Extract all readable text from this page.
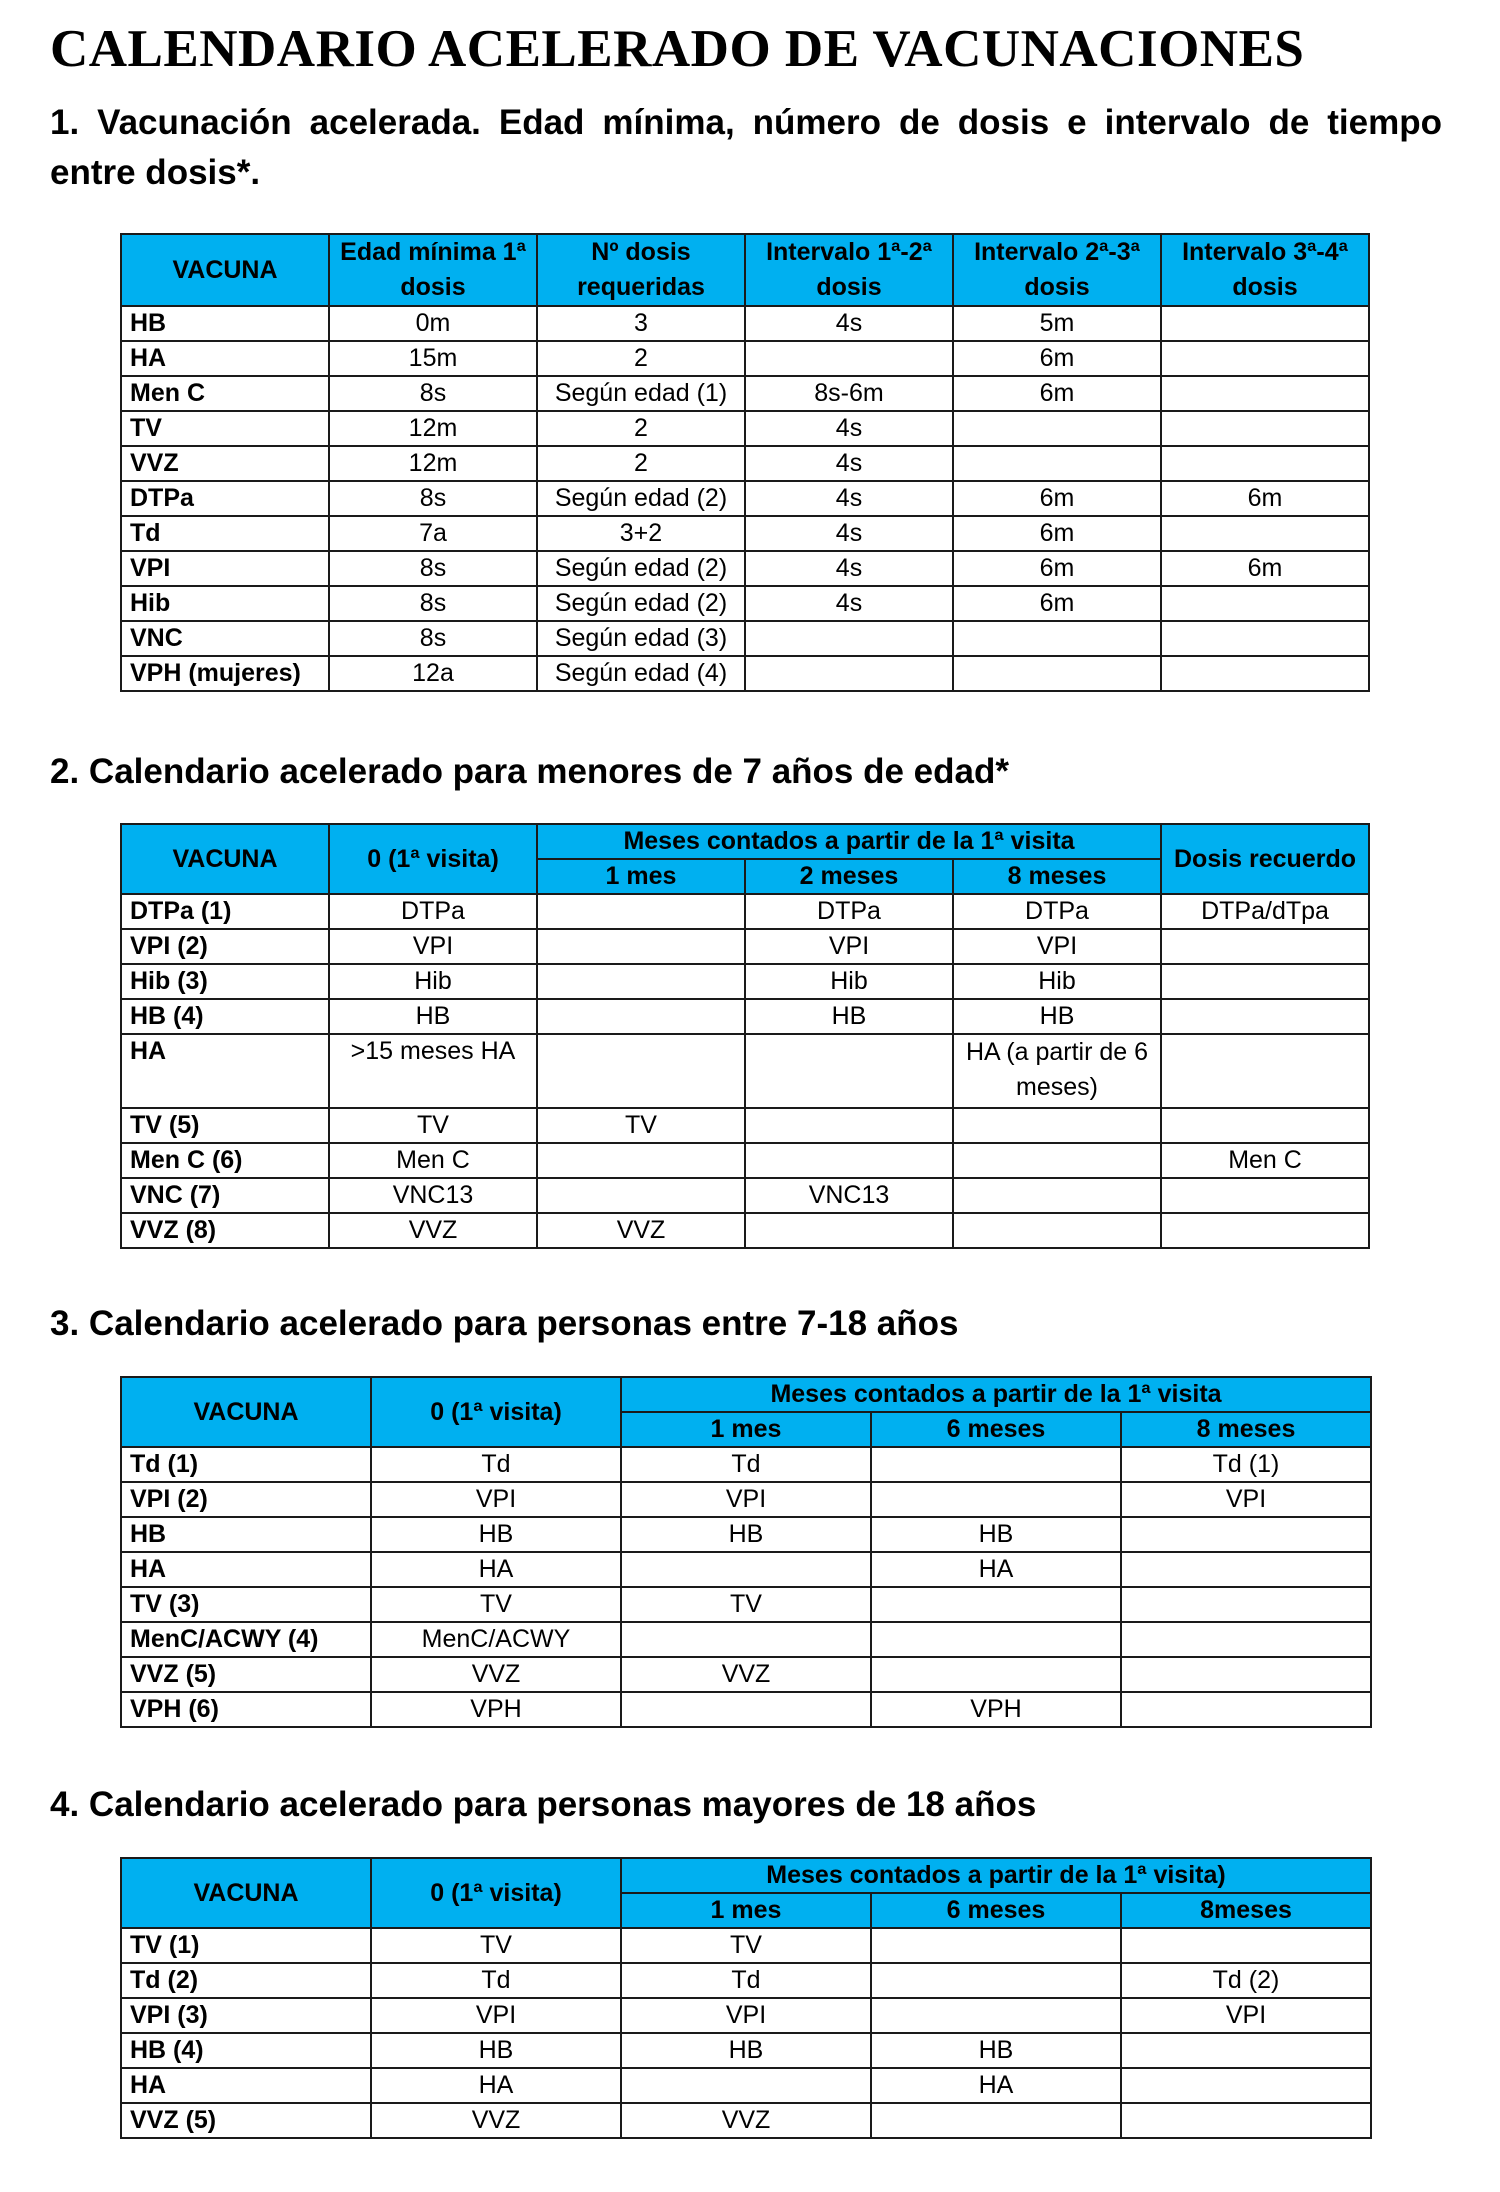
CALENDARIO ACELERADO DE VACUNACIONES
1. Vacunación acelerada. Edad mínima, número de dosis e intervalo de tiempo entre dosis*.
VACUNA	Edad mínima 1ª dosis	Nº dosis requeridas	Intervalo 1ª-2ª dosis	Intervalo 2ª-3ª dosis	Intervalo 3ª-4ª dosis
HB	0m	3	4s	5m	
HA	15m	2		6m	
Men C	8s	Según edad (1)	8s-6m	6m	
TV	12m	2	4s		
VVZ	12m	2	4s		
DTPa	8s	Según edad (2)	4s	6m	6m
Td	7a	3+2	4s	6m	
VPI	8s	Según edad (2)	4s	6m	6m
Hib	8s	Según edad (2)	4s	6m	
VNC	8s	Según edad (3)			
VPH (mujeres)	12a	Según edad (4)			
2. Calendario acelerado para menores de 7 años de edad*
VACUNA	0 (1ª visita)	Meses contados a partir de la 1ª visita			Dosis recuerdo
		1 mes	2 meses	8 meses	
DTPa (1)	DTPa		DTPa	DTPa	DTPa/dTpa
VPI (2)	VPI		VPI	VPI	
Hib (3)	Hib		Hib	Hib	
HB (4)	HB		HB	HB	
HA	>15 meses HA			HA (a partir de 6 meses)	
TV (5)	TV	TV			
Men C (6)	Men C				Men C
VNC (7)	VNC13		VNC13		
VVZ (8)	VVZ	VVZ			
3. Calendario acelerado para personas entre 7-18 años
VACUNA	0 (1ª visita)	Meses contados a partir de la 1ª visita		
		1 mes	6 meses	8 meses
Td (1)	Td	Td		Td (1)
VPI (2)	VPI	VPI		VPI
HB	HB	HB	HB	
HA	HA		HA	
TV (3)	TV	TV		
MenC/ACWY (4)	MenC/ACWY			
VVZ (5)	VVZ	VVZ		
VPH (6)	VPH		VPH	
4. Calendario acelerado para personas mayores de 18 años
VACUNA	0 (1ª visita)	Meses contados a partir de la 1ª visita)		
		1 mes	6 meses	8meses
TV (1)	TV	TV		
Td (2)	Td	Td		Td (2)
VPI (3)	VPI	VPI		VPI
HB (4)	HB	HB	HB	
HA	HA		HA	
VVZ (5)	VVZ	VVZ		
